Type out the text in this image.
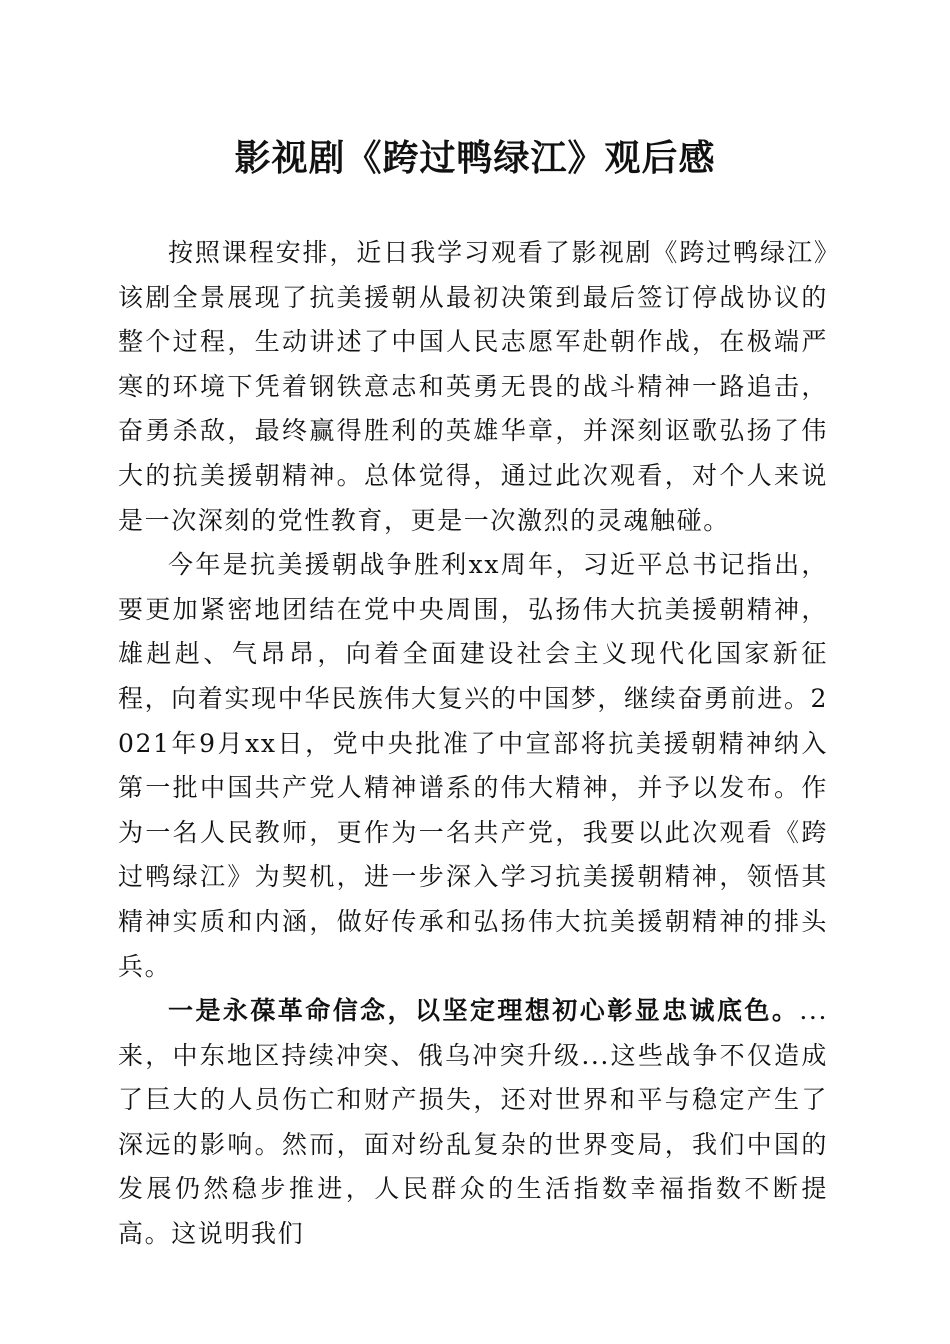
影视剧《跨过鸭绿江》观后感

按照课程安排，近日我学习观看了影视剧《跨过鸭绿江》该剧全景展现了抗美援朝从最初决策到最后签订停战协议的整个过程，生动讲述了中国人民志愿军赴朝作战，在极端严寒的环境下凭着钢铁意志和英勇无畏的战斗精神一路追击，奋勇杀敌，最终赢得胜利的英雄华章，并深刻讴歌弘扬了伟大的抗美援朝精神。总体觉得，通过此次观看，对个人来说是一次深刻的党性教育，更是一次激烈的灵魂触碰。

今年是抗美援朝战争胜利xx周年，习近平总书记指出，要更加紧密地团结在党中央周围，弘扬伟大抗美援朝精神，雄赳赳、气昂昂，向着全面建设社会主义现代化国家新征程，向着实现中华民族伟大复兴的中国梦，继续奋勇前进。2021年9月xx日，党中央批准了中宣部将抗美援朝精神纳入第一批中国共产党人精神谱系的伟大精神，并予以发布。作为一名人民教师，更作为一名共产党，我要以此次观看《跨过鸭绿江》为契机，进一步深入学习抗美援朝精神，领悟其精神实质和内涵，做好传承和弘扬伟大抗美援朝精神的排头兵。

一是永葆革命信念，以坚定理想初心彰显忠诚底色。...来，中东地区持续冲突、俄乌冲突升级...这些战争不仅造成了巨大的人员伤亡和财产损失，还对世界和平与稳定产生了深远的影响。然而，面对纷乱复杂的世界变局，我们中国的发展仍然稳步推进，人民群众的生活指数幸福指数不断提高。这说明我们
